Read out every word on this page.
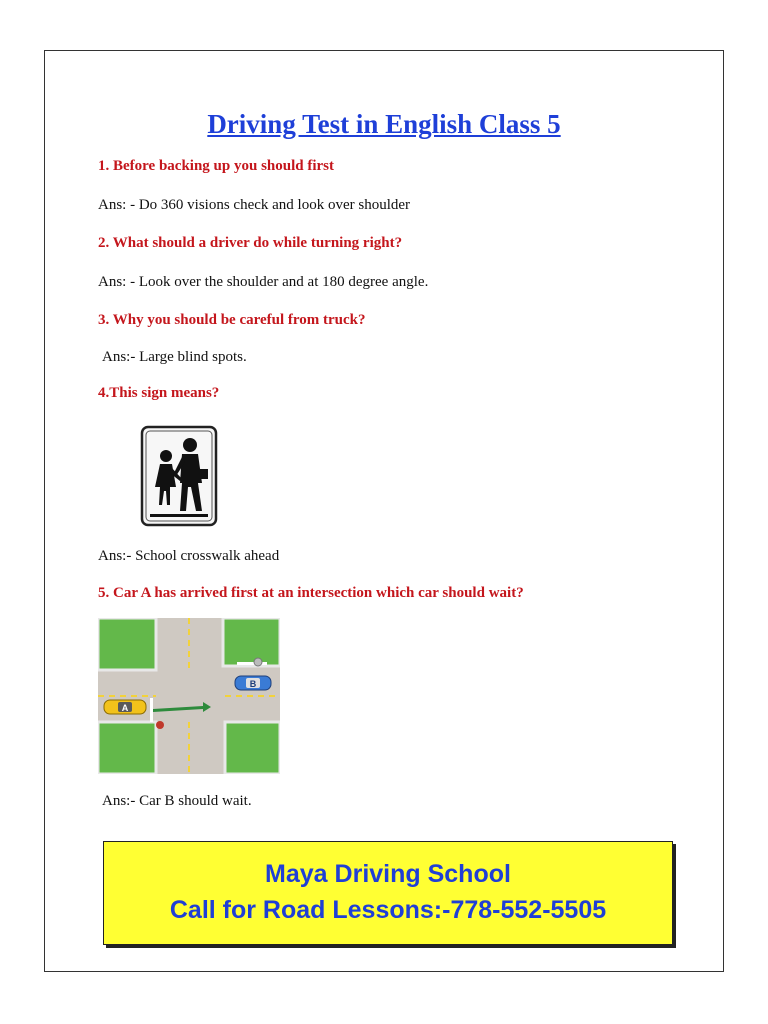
Driving Test in English Class 5
1. Before backing up you should first
Ans: - Do 360 visions check and look over shoulder
2. What should a driver do while turning right?
Ans: - Look over the shoulder and at 180 degree angle.
3. Why you should be careful from truck?
Ans:- Large blind spots.
4.This sign means?
Ans:- School crosswalk ahead
5. Car A has arrived first at an intersection which car should wait?
A
B
Ans:- Car B should wait.
Maya Driving School
Call for Road Lessons:-778-552-5505
